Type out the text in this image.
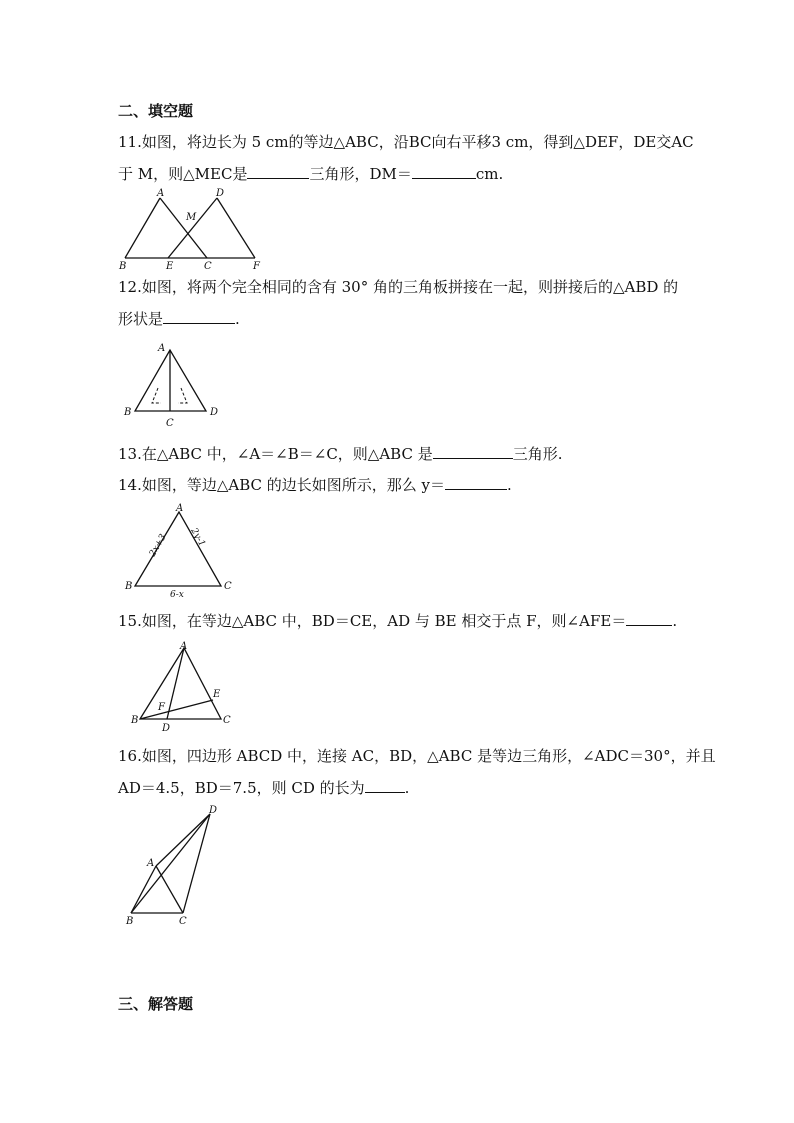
二、填空题
11.如图，将边长为 5 cm的等边△ABC，沿BC向右平移3 cm，得到△DEF，DE交AC
于 M，则△MEC是	三角形，DM＝	cm.
A	D
M
B	E	C	F
12.如图，将两个完全相同的含有 30° 角的三角板拼接在一起，则拼接后的△ABD 的
形状是	.
A
B
C
D
13.在△ABC 中，∠A＝∠B＝∠C，则△ABC 是	三角形.
14.如图，等边△ABC 的边长如图所示，那么 y＝	.
A
B	C
2x+3 2y-1
6-x
15.如图，在等边△ABC 中，BD＝CE，AD 与 BE 相交于点 F，则∠AFE＝	.
A
B	C
D
E
F
16.如图，四边形 ABCD 中，连接 AC，BD，△ABC 是等边三角形，∠ADC＝30°，并且
AD＝4.5，BD＝7.5，则 CD 的长为	.
A
B	C
D
三、解答题
